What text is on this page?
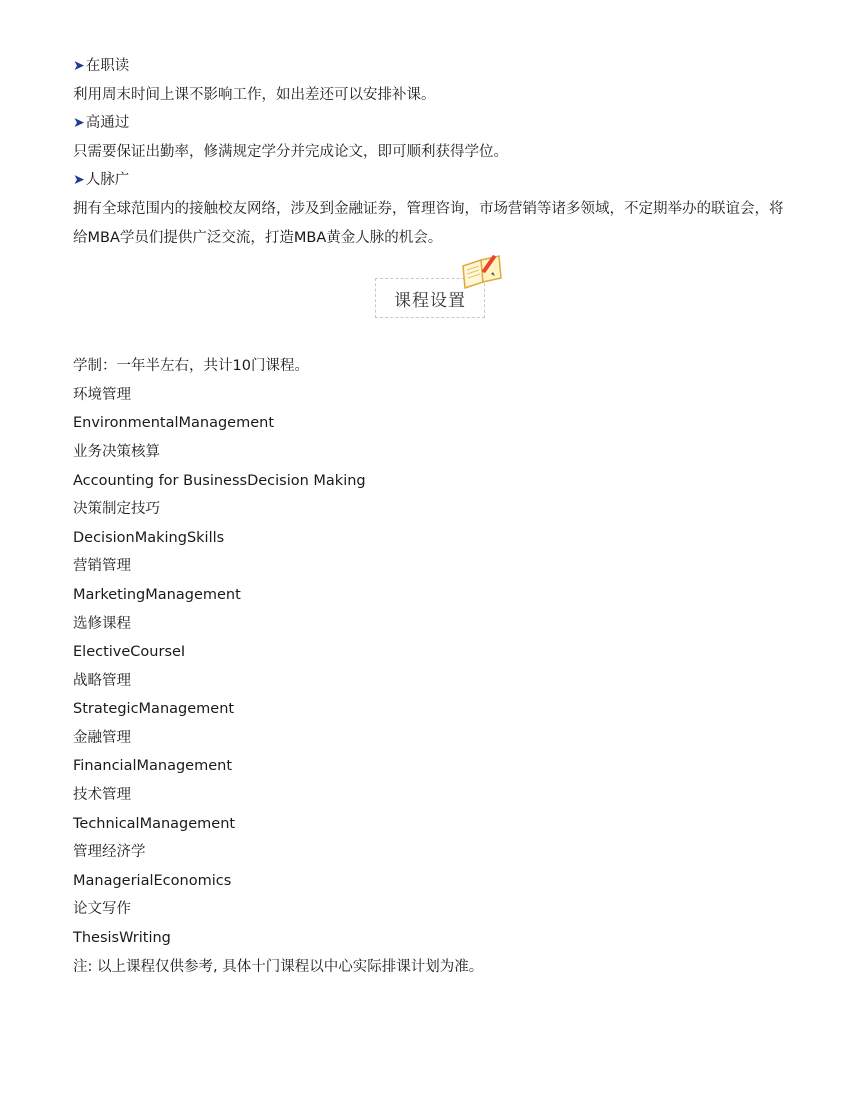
➤ 在职读
利用周末时间上课不影响工作，如出差还可以安排补课。
➤ 高通过
只需要保证出勤率，修满规定学分并完成论文，即可顺利获得学位。
➤ 人脉广
拥有全球范围内的接触校友网络，涉及到金融证券，管理咨询，市场营销等诸多领域，不定期举办的联谊会，将给MBA学员们提供广泛交流，打造MBA黄金人脉的机会。
课程设置
学制：一年半左右，共计10门课程。
环境管理
EnvironmentalManagement
业务决策核算
Accounting for BusinessDecision Making
决策制定技巧
DecisionMakingSkills
营销管理
MarketingManagement
选修课程
ElectiveCourseI
战略管理
StrategicManagement
金融管理
FinancialManagement
技术管理
TechnicalManagement
管理经济学
ManagerialEconomics
论文写作
ThesisWriting
注: 以上课程仅供参考, 具体十门课程以中心实际排课计划为准。
